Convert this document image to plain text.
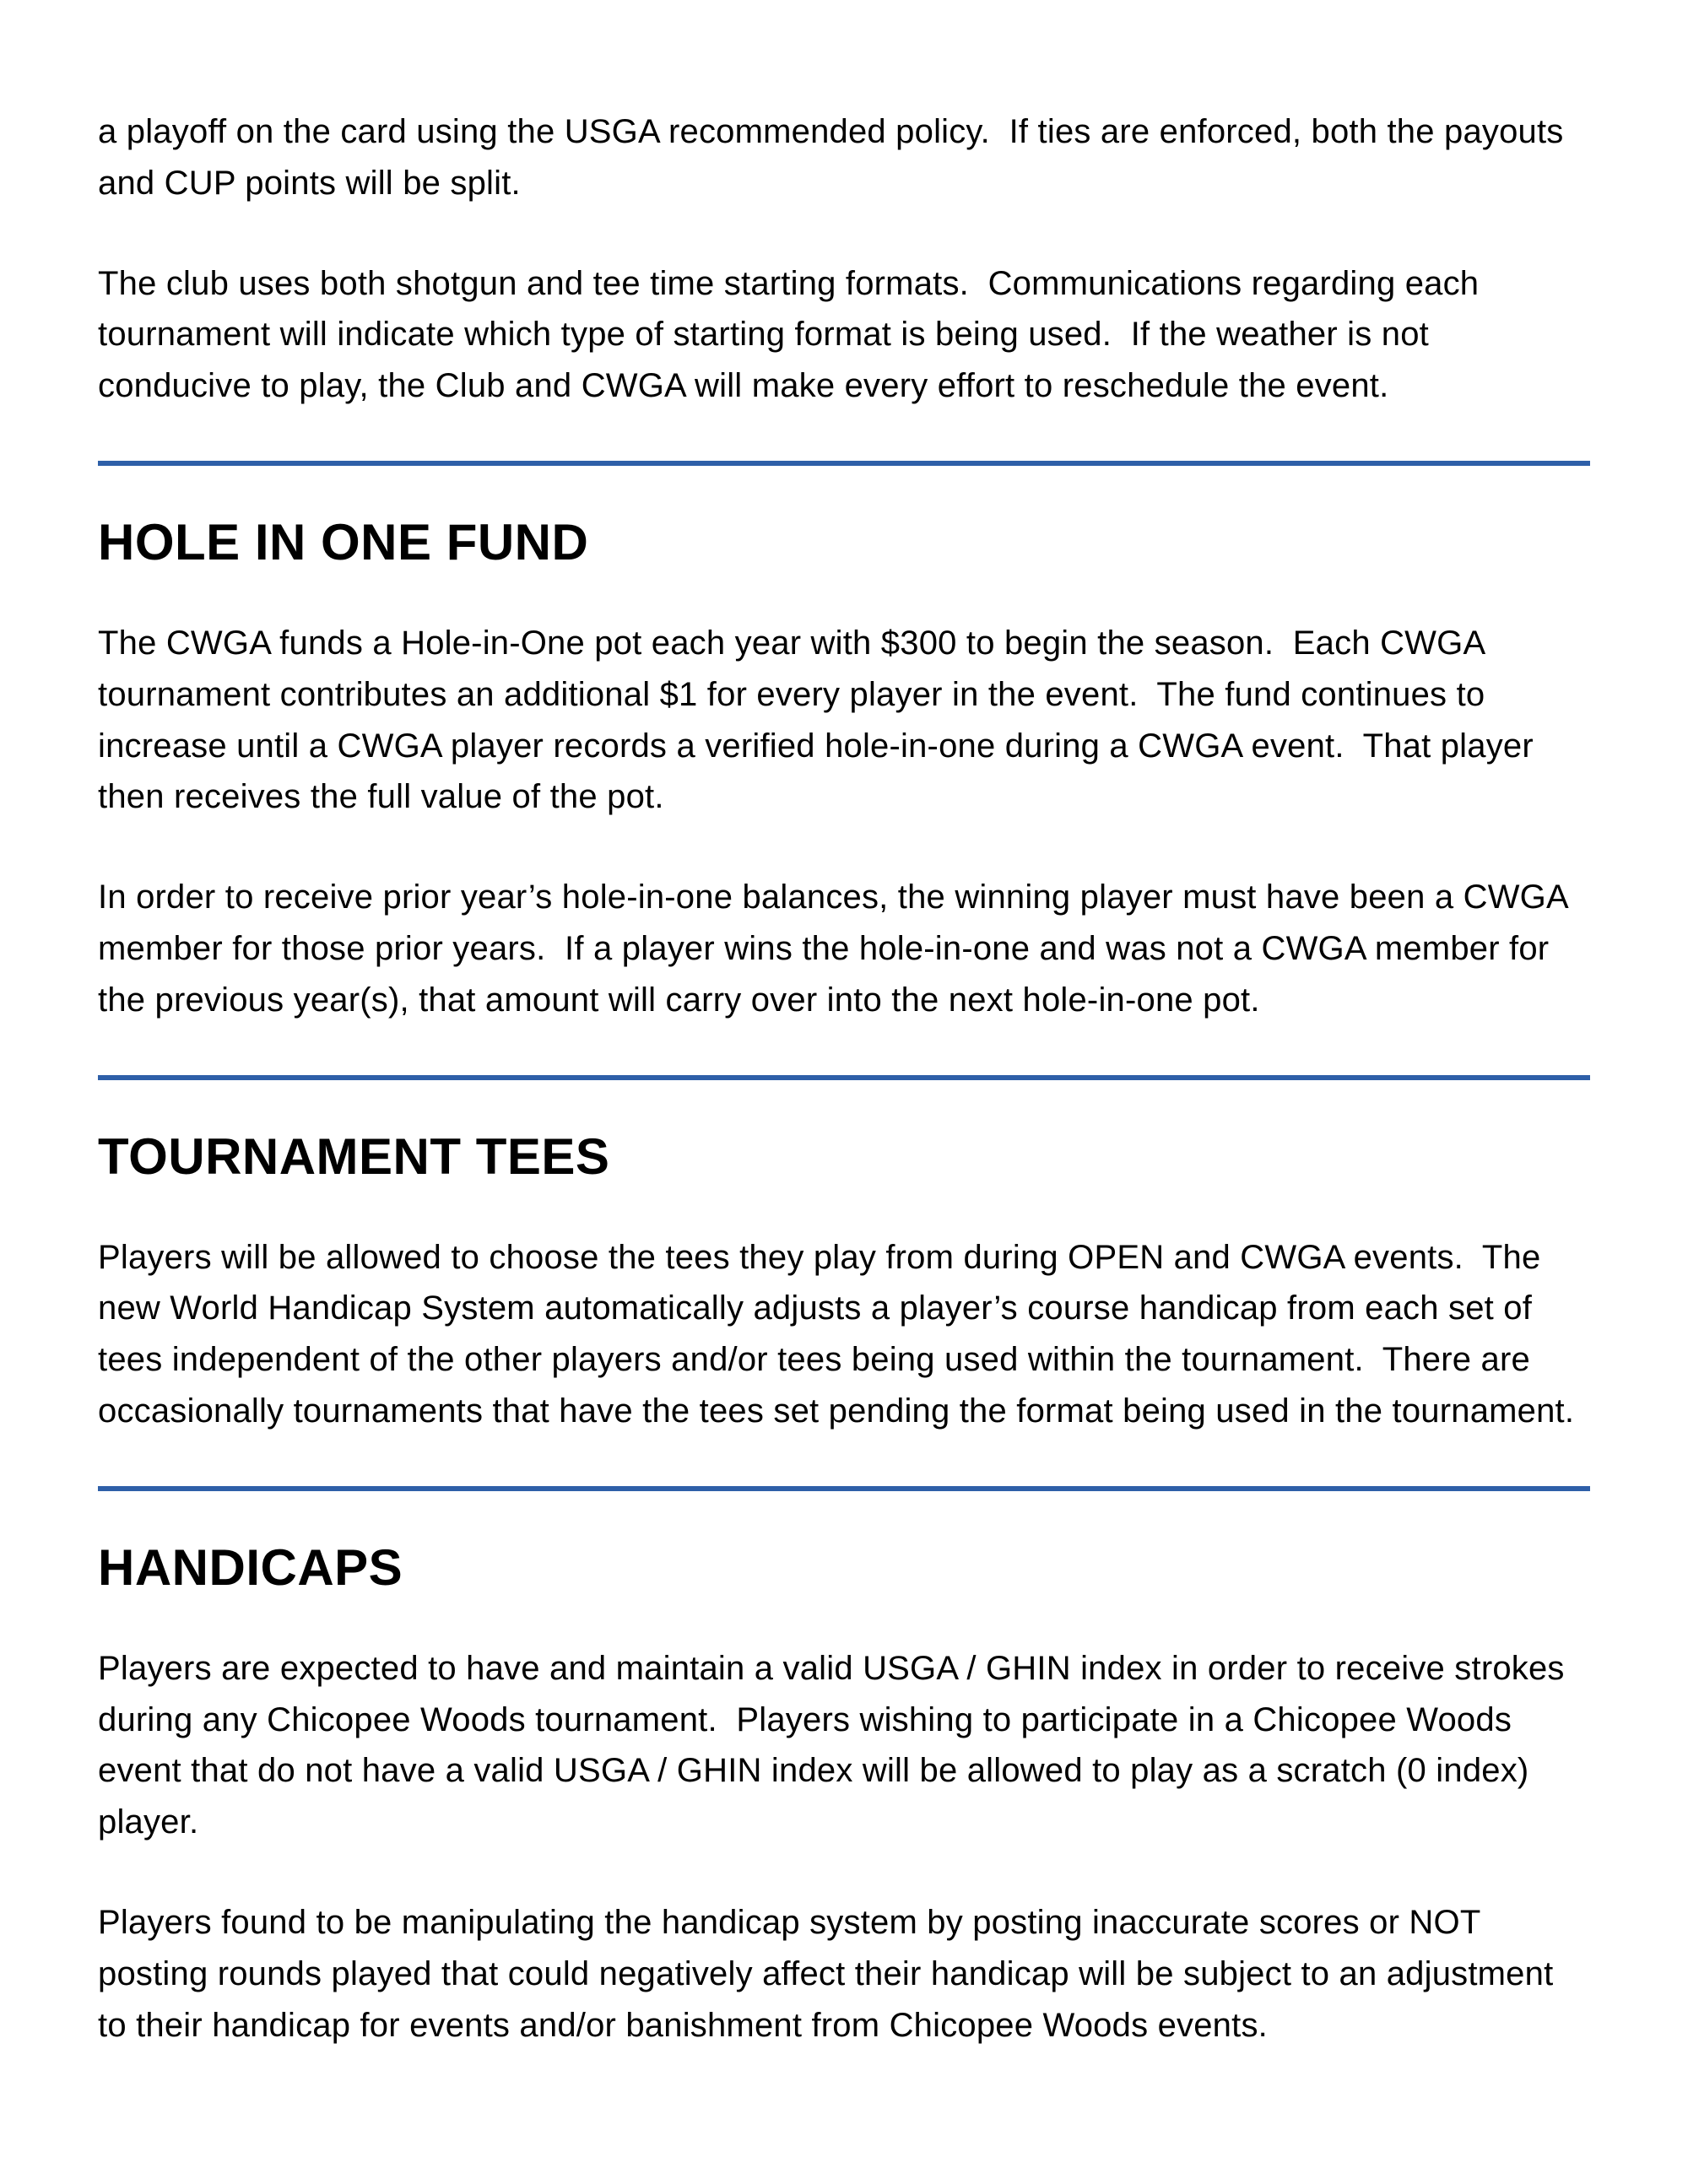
a playoff on the card using the USGA recommended policy.  If ties are enforced, both the payouts and CUP points will be split.

The club uses both shotgun and tee time starting formats.  Communications regarding each tournament will indicate which type of starting format is being used.  If the weather is not conducive to play, the Club and CWGA will make every effort to reschedule the event.

HOLE IN ONE FUND

The CWGA funds a Hole-in-One pot each year with $300 to begin the season.  Each CWGA tournament contributes an additional $1 for every player in the event.  The fund continues to increase until a CWGA player records a verified hole-in-one during a CWGA event.  That player then receives the full value of the pot.

In order to receive prior year’s hole-in-one balances, the winning player must have been a CWGA member for those prior years.  If a player wins the hole-in-one and was not a CWGA member for the previous year(s), that amount will carry over into the next hole-in-one pot.

TOURNAMENT TEES

Players will be allowed to choose the tees they play from during OPEN and CWGA events.  The new World Handicap System automatically adjusts a player’s course handicap from each set of tees independent of the other players and/or tees being used within the tournament.  There are occasionally tournaments that have the tees set pending the format being used in the tournament.

HANDICAPS

Players are expected to have and maintain a valid USGA / GHIN index in order to receive strokes during any Chicopee Woods tournament.  Players wishing to participate in a Chicopee Woods event that do not have a valid USGA / GHIN index will be allowed to play as a scratch (0 index) player.

Players found to be manipulating the handicap system by posting inaccurate scores or NOT posting rounds played that could negatively affect their handicap will be subject to an adjustment to their handicap for events and/or banishment from Chicopee Woods events.
